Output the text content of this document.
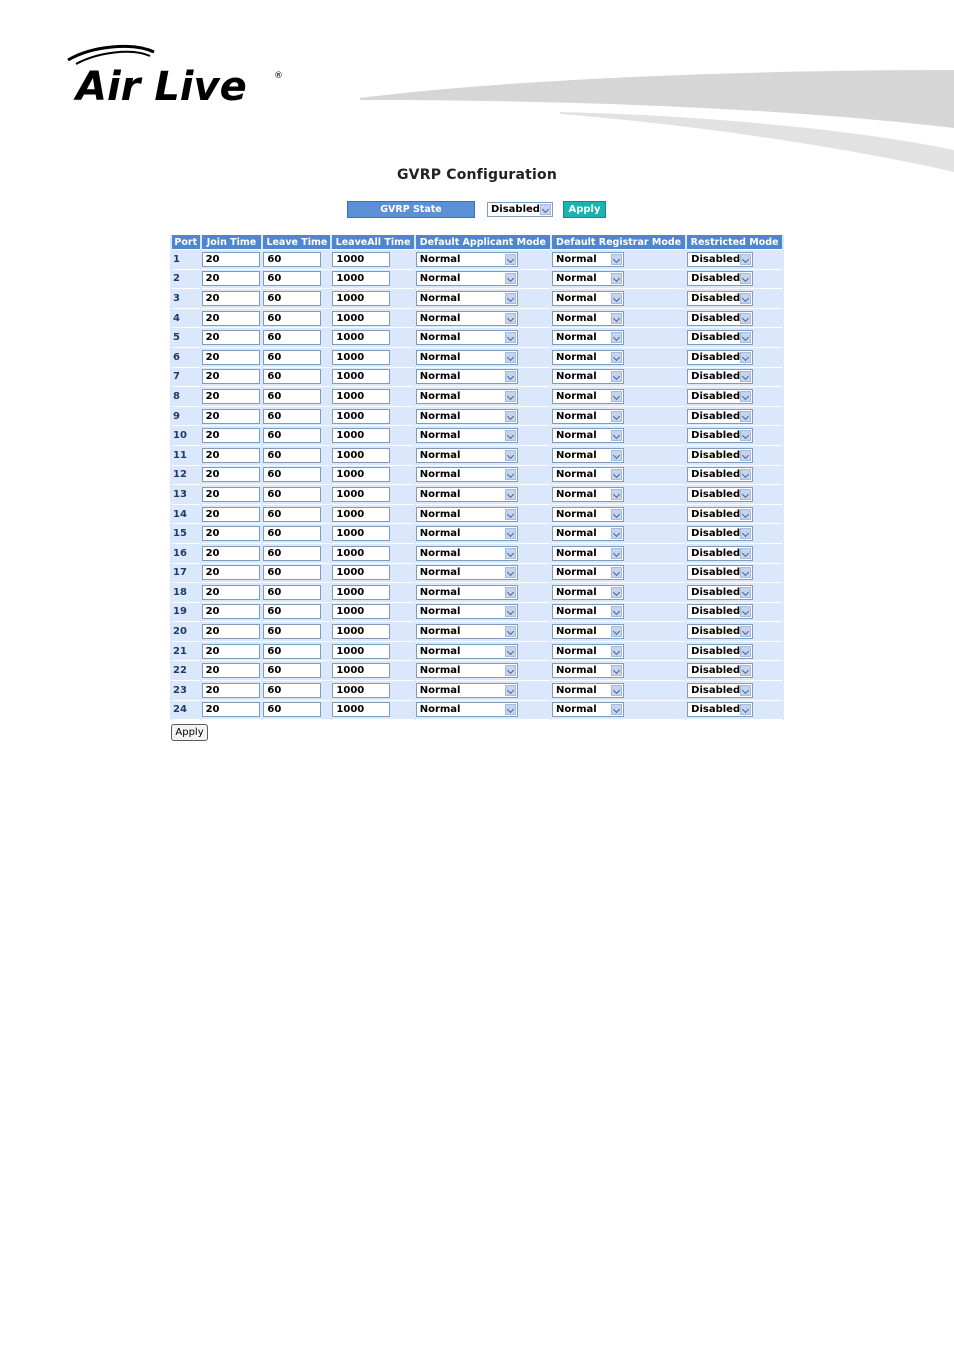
Air Live	®
GVRP Configuration
GVRP State	Disabled	Apply
Port	Join Time	Leave Time	LeaveAll Time	Default Applicant Mode	Default Registrar Mode	Restricted Mode
1	20	60	1000	Normal	Normal	Disabled

2	20	60	1000	Normal	Normal	Disabled

3	20	60	1000	Normal	Normal	Disabled

4	20	60	1000	Normal	Normal	Disabled

5	20	60	1000	Normal	Normal	Disabled

6	20	60	1000	Normal	Normal	Disabled

7	20	60	1000	Normal	Normal	Disabled

8	20	60	1000	Normal	Normal	Disabled

9	20	60	1000	Normal	Normal	Disabled

10	20	60	1000	Normal	Normal	Disabled

11	20	60	1000	Normal	Normal	Disabled

12	20	60	1000	Normal	Normal	Disabled

13	20	60	1000	Normal	Normal	Disabled

14	20	60	1000	Normal	Normal	Disabled

15	20	60	1000	Normal	Normal	Disabled

16	20	60	1000	Normal	Normal	Disabled

17	20	60	1000	Normal	Normal	Disabled

18	20	60	1000	Normal	Normal	Disabled

19	20	60	1000	Normal	Normal	Disabled

20	20	60	1000	Normal	Normal	Disabled

21	20	60	1000	Normal	Normal	Disabled

22	20	60	1000	Normal	Normal	Disabled

23	20	60	1000	Normal	Normal	Disabled

24	20	60	1000	Normal	Normal	Disabled
Apply
